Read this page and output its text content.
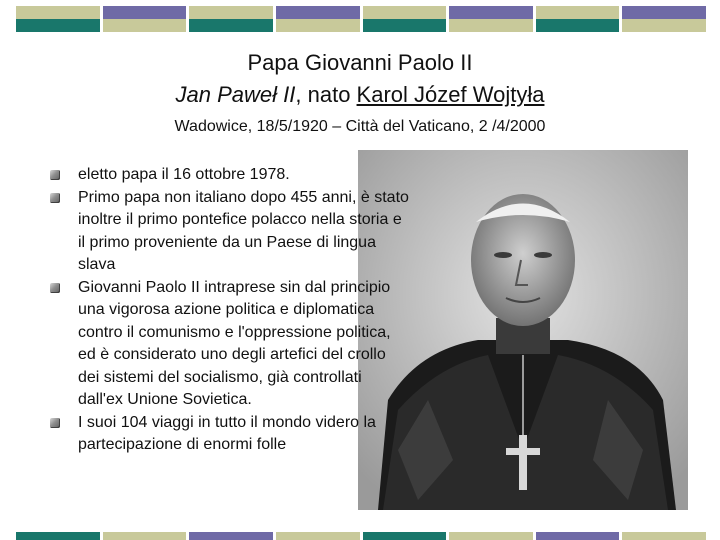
Papa Giovanni Paolo II
Jan Paweł II, nato Karol Józef Wojtyła
Wadowice, 18/5/1920 – Città del Vaticano, 2 /4/2000
eletto papa il 16 ottobre 1978.
Primo papa non italiano dopo 455 anni, è stato inoltre il primo pontefice polacco nella storia e il primo proveniente da un Paese di lingua slava
Giovanni Paolo II intraprese sin dal principio una vigorosa azione politica e diplomatica contro il comunismo e l'oppressione politica, ed è considerato uno degli artefici del crollo dei sistemi del socialismo, già controllati dall'ex Unione Sovietica.
I suoi 104 viaggi in tutto il mondo videro la partecipazione di enormi folle
